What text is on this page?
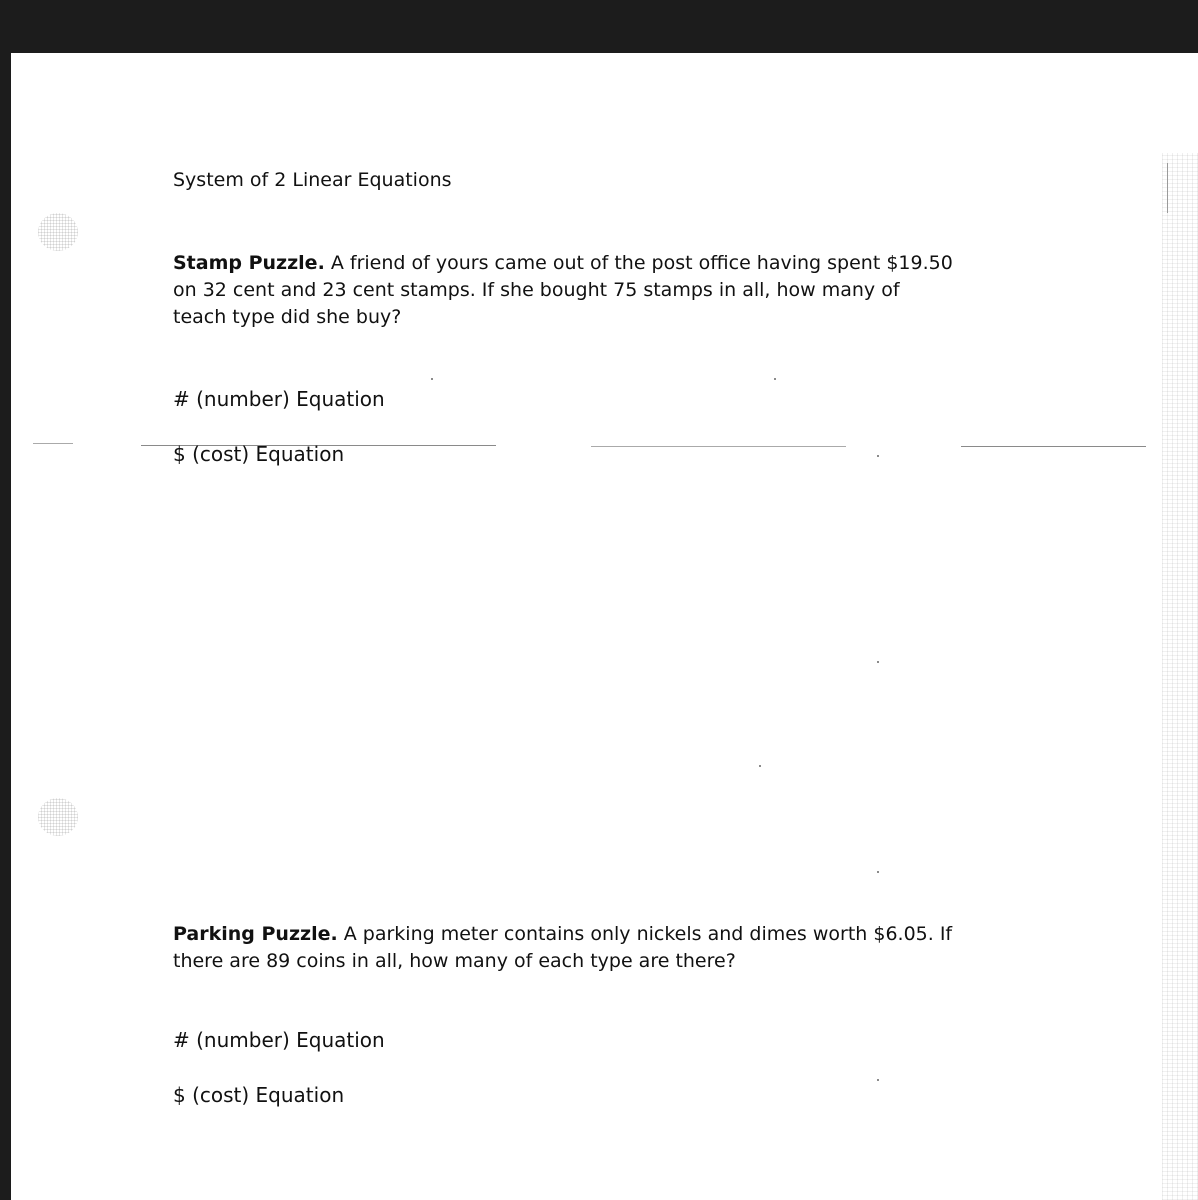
System of 2 Linear Equations

Stamp Puzzle. A friend of yours came out of the post office having spent $19.50
on 32 cent and 23 cent stamps. If she bought 75 stamps in all, how many of
teach type did she buy?

# (number) Equation
$ (cost) Equation

Parking Puzzle. A parking meter contains only nickels and dimes worth $6.05. If
there are 89 coins in all, how many of each type are there?

# (number) Equation
$ (cost) Equation
